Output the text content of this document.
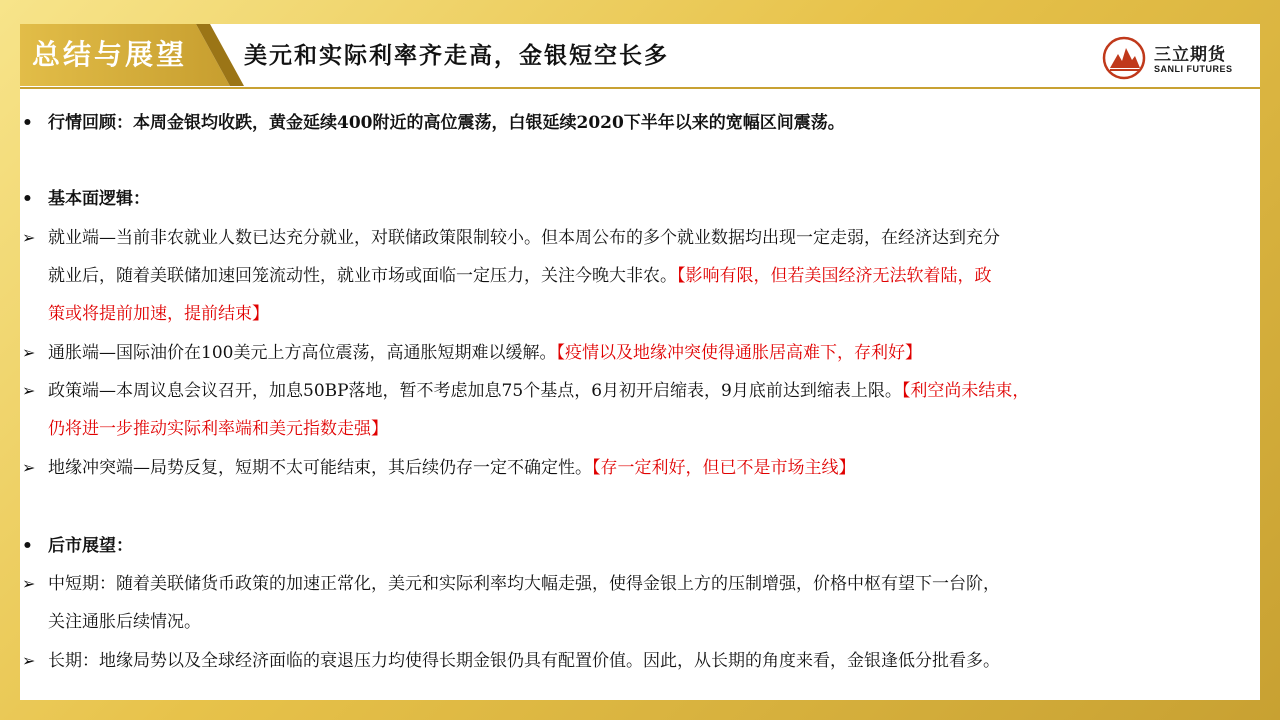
总结与展望 美元和实际利率齐走高，金银短空长多	三立期货
SANLI FUTURES
• 行情回顾：本周金银均收跌，黄金延续400附近的高位震荡，白银延续2020下半年以来的宽幅区间震荡。
• 基本面逻辑：
➢ 就业端—当前非农就业人数已达充分就业，对联储政策限制较小。但本周公布的多个就业数据均出现一定走弱，在经济达到充分
就业后，随着美联储加速回笼流动性，就业市场或面临一定压力，关注今晚大非农。【影响有限，但若美国经济无法软着陆，政
策或将提前加速，提前结束】
➢ 通胀端—国际油价在100美元上方高位震荡，高通胀短期难以缓解。【疫情以及地缘冲突使得通胀居高难下，存利好】
➢ 政策端—本周议息会议召开，加息50BP落地，暂不考虑加息75个基点，6月初开启缩表，9月底前达到缩表上限。【利空尚未结束，
仍将进一步推动实际利率端和美元指数走强】
➢ 地缘冲突端—局势反复，短期不太可能结束，其后续仍存一定不确定性。【存一定利好，但已不是市场主线】
• 后市展望：
➢ 中短期：随着美联储货币政策的加速正常化，美元和实际利率均大幅走强，使得金银上方的压制增强，价格中枢有望下一台阶，
关注通胀后续情况。
➢ 长期：地缘局势以及全球经济面临的衰退压力均使得长期金银仍具有配置价值。因此，从长期的角度来看，金银逢低分批看多。
